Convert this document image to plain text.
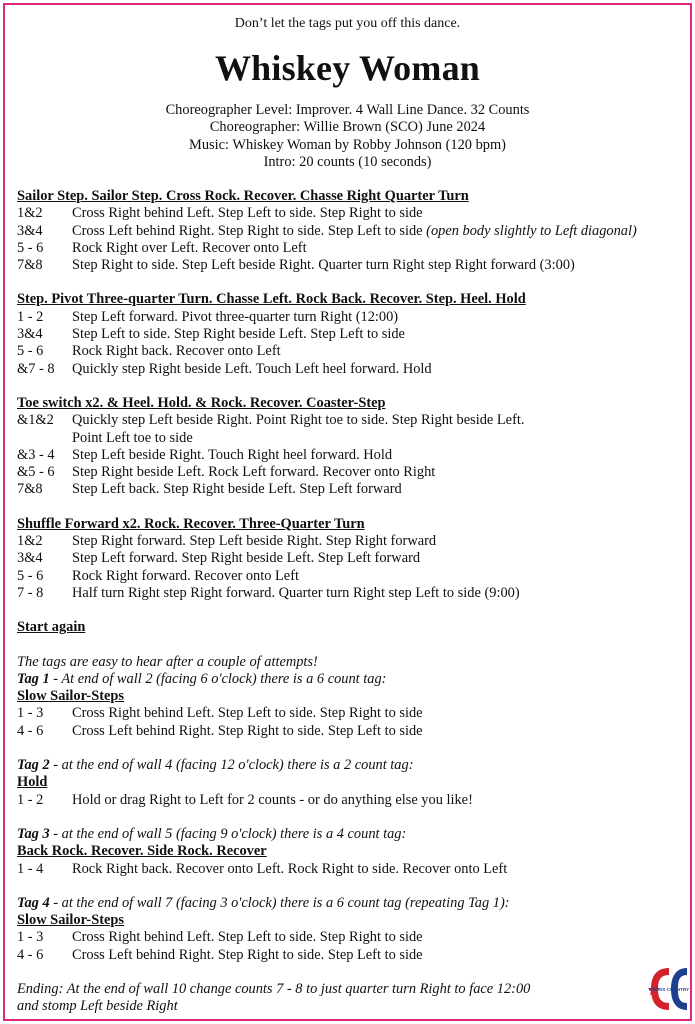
Don’t let the tags put you off this dance.
Whiskey Woman
Choreographer Level: Improver. 4 Wall Line Dance. 32 Counts
Choreographer: Willie Brown (SCO) June 2024
Music: Whiskey Woman by Robby Johnson (120 bpm)
Intro: 20 counts (10 seconds)
Sailor Step. Sailor Step. Cross Rock. Recover. Chasse Right Quarter Turn
1&2	Cross Right behind Left. Step Left to side. Step Right to side
3&4	Cross Left behind Right. Step Right to side. Step Left to side (open body slightly to Left diagonal)
5 - 6	Rock Right over Left. Recover onto Left
7&8	Step Right to side. Step Left beside Right. Quarter turn Right step Right forward (3:00)
Step. Pivot Three-quarter Turn. Chasse Left. Rock Back. Recover. Step. Heel. Hold
1 - 2	Step Left forward. Pivot three-quarter turn Right (12:00)
3&4	Step Left to side. Step Right beside Left. Step Left to side
5 - 6	Rock Right back. Recover onto Left
&7 - 8	Quickly step Right beside Left. Touch Left heel forward. Hold
Toe switch x2. & Heel. Hold. & Rock. Recover. Coaster-Step
&1&2	Quickly step Left beside Right. Point Right toe to side. Step Right beside Left.
Point Left toe to side
&3 - 4	Step Left beside Right. Touch Right heel forward. Hold
&5 - 6	Step Right beside Left. Rock Left forward. Recover onto Right
7&8	Step Left back. Step Right beside Left. Step Left forward
Shuffle Forward x2. Rock. Recover. Three-Quarter Turn
1&2	Step Right forward. Step Left beside Right. Step Right forward
3&4	Step Left forward. Step Right beside Left. Step Left forward
5 - 6	Rock Right forward. Recover onto Left
7 - 8	Half turn Right step Right forward. Quarter turn Right step Left to side (9:00)
Start again
The tags are easy to hear after a couple of attempts!
Tag 1 - At end of wall 2 (facing 6 o'clock) there is a 6 count tag:
Slow Sailor-Steps
1 - 3	Cross Right behind Left. Step Left to side. Step Right to side
4 - 6	Cross Left behind Right. Step Right to side. Step Left to side
Tag 2 - at the end of wall 4 (facing 12 o'clock) there is a 2 count tag:
Hold
1 - 2	Hold or drag Right to Left for 2 counts - or do anything else you like!
Tag 3 - at the end of wall 5 (facing 9 o'clock) there is a 4 count tag:
Back Rock. Recover. Side Rock. Recover
1 - 4	Rock Right back. Recover onto Left. Rock Right to side. Recover onto Left
Tag 4 - at the end of wall 7 (facing 3 o'clock) there is a 6 count tag (repeating Tag 1):
Slow Sailor-Steps
1 - 3	Cross Right behind Left. Step Left to side. Step Right to side
4 - 6	Cross Left behind Right. Step Right to side. Step Left to side
Ending: At the end of wall 10 change counts 7 - 8 to just quarter turn Right to face 12:00
and stomp Left beside Right
CROSS COUNTRY
